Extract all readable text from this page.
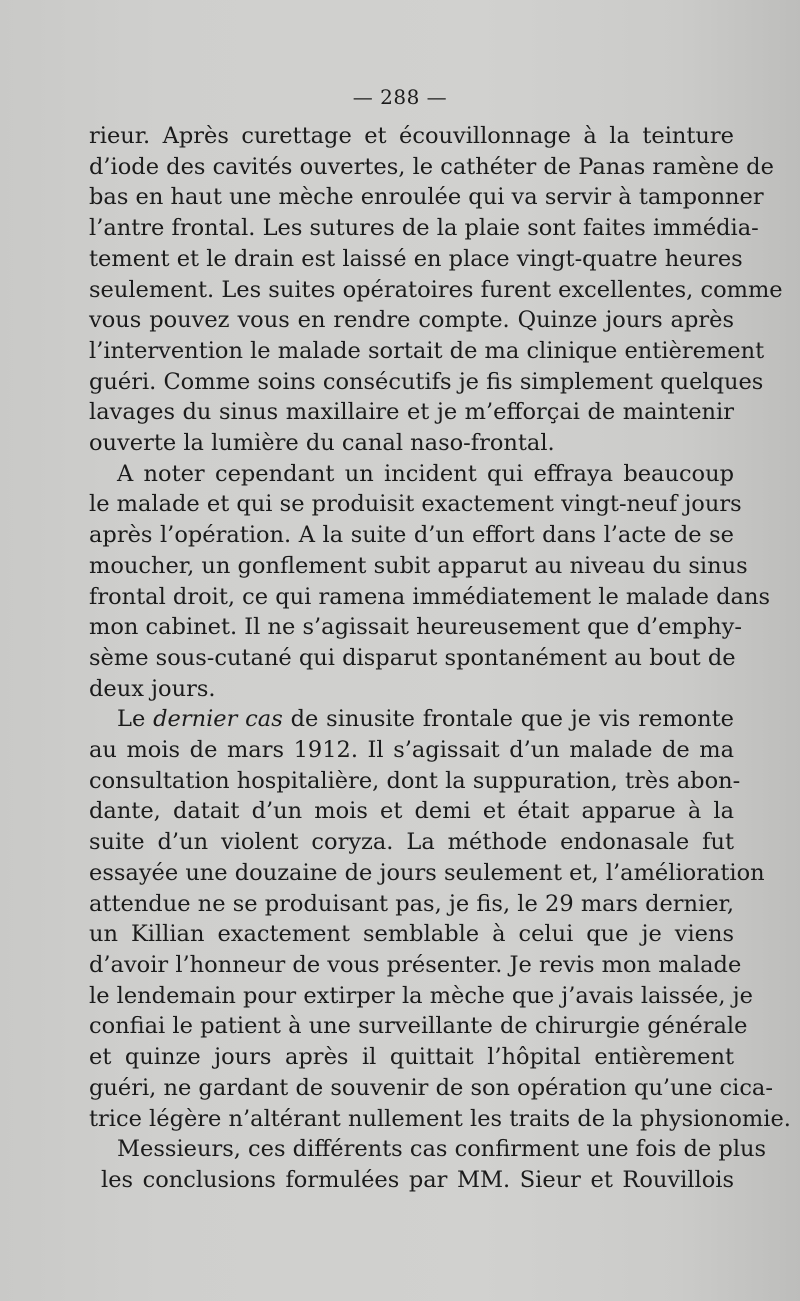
— 288 —
rieur. Après curettage et écouvillonnage à la teinture
d’iode des cavités ouvertes, le cathéter de Panas ramène de
bas en haut une mèche enroulée qui va servir à tamponner
l’antre frontal. Les sutures de la plaie sont faites immédia-
tement et le drain est laissé en place vingt-quatre heures
seulement. Les suites opératoires furent excellentes, comme
vous pouvez vous en rendre compte. Quinze jours après
l’intervention le malade sortait de ma clinique entièrement
guéri. Comme soins consécutifs je fis simplement quelques
lavages du sinus maxillaire et je m’efforçai de maintenir
ouverte la lumière du canal naso-frontal.
A noter cependant un incident qui effraya beaucoup
le malade et qui se produisit exactement vingt-neuf jours
après l’opération. A la suite d’un effort dans l’acte de se
moucher, un gonflement subit apparut au niveau du sinus
frontal droit, ce qui ramena immédiatement le malade dans
mon cabinet. Il ne s’agissait heureusement que d’emphy-
sème sous-cutané qui disparut spontanément au bout de
deux jours.
Le dernier cas de sinusite frontale que je vis remonte
au mois de mars 1912. Il s’agissait d’un malade de ma
consultation hospitalière, dont la suppuration, très abon-
dante, datait d’un mois et demi et était apparue à la
suite d’un violent coryza. La méthode endonasale fut
essayée une douzaine de jours seulement et, l’amélioration
attendue ne se produisant pas, je fis, le 29 mars dernier,
un Killian exactement semblable à celui que je viens
d’avoir l’honneur de vous présenter. Je revis mon malade
le lendemain pour extirper la mèche que j’avais laissée, je
confiai le patient à une surveillante de chirurgie générale
et quinze jours après il quittait l’hôpital entièrement
guéri, ne gardant de souvenir de son opération qu’une cica-
trice légère n’altérant nullement les traits de la physionomie.
Messieurs, ces différents cas confirment une fois de plus
les conclusions formulées par MM. Sieur et Rouvillois
